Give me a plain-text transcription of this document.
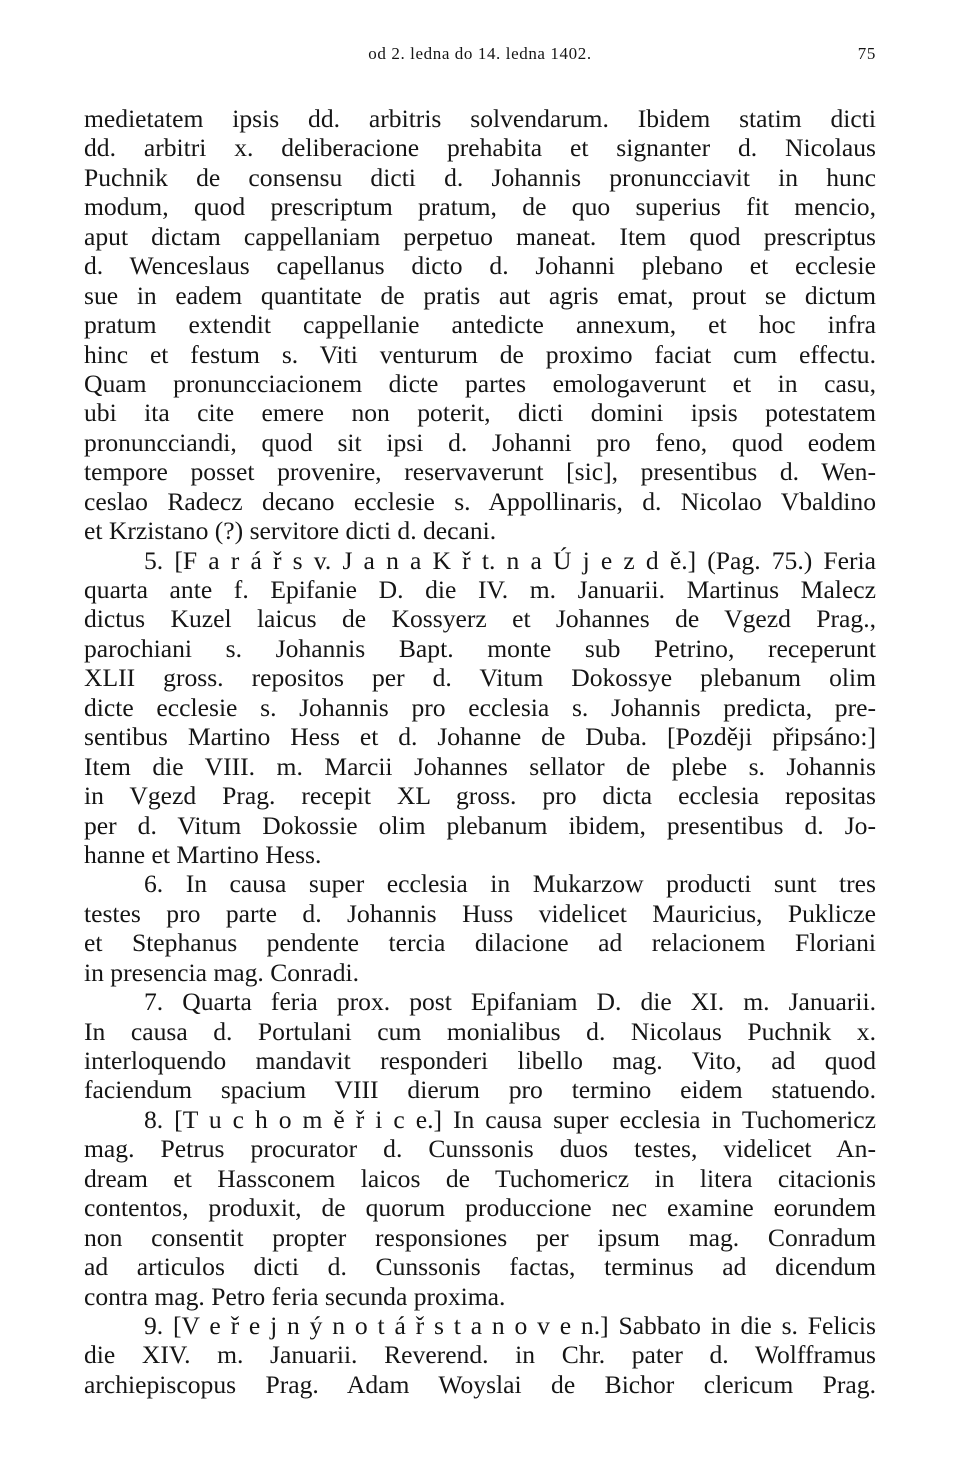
od 2. ledna do 14. ledna 1402.	75
medietatem ipsis dd. arbitris solvendarum. Ibidem statim dicti
dd. arbitri x. deliberacione prehabita et signanter d. Nicolaus
Puchnik de consensu dicti d. Johannis pronuncciavit in hunc
modum, quod prescriptum pratum, de quo superius fit mencio,
aput dictam cappellaniam perpetuo maneat. Item quod prescriptus
d. Wenceslaus capellanus dicto d. Johanni plebano et ecclesie
sue in eadem quantitate de pratis aut agris emat, prout se dictum
pratum extendit cappellanie antedicte annexum, et hoc infra
hinc et festum s. Viti venturum de proximo faciat cum effectu.
Quam pronuncciacionem dicte partes emologaverunt et in casu,
ubi ita cite emere non poterit, dicti domini ipsis potestatem
pronuncciandi, quod sit ipsi d. Johanni pro feno, quod eodem
tempore posset provenire, reservaverunt [sic], presentibus d. Wen-
ceslao Radecz decano ecclesie s. Appollinaris, d. Nicolao Vbaldino
et Krzistano (?) servitore dicti d. decani.
5. [F a r á ř s v. J a n a K ř t. n a Ú j e z d ě.] (Pag. 75.) Feria
quarta ante f. Epifanie D. die IV. m. Januarii. Martinus Malecz
dictus Kuzel laicus de Kossyerz et Johannes de Vgezd Prag.,
parochiani s. Johannis Bapt. monte sub Petrino, receperunt
XLII gross. repositos per d. Vitum Dokossye plebanum olim
dicte ecclesie s. Johannis pro ecclesia s. Johannis predicta, pre-
sentibus Martino Hess et d. Johanne de Duba. [Později připsáno:]
Item die VIII. m. Marcii Johannes sellator de plebe s. Johannis
in Vgezd Prag. recepit XL gross. pro dicta ecclesia repositas
per d. Vitum Dokossie olim plebanum ibidem, presentibus d. Jo-
hanne et Martino Hess.
6. In causa super ecclesia in Mukarzow producti sunt tres
testes pro parte d. Johannis Huss videlicet Mauricius, Puklicze
et Stephanus pendente tercia dilacione ad relacionem Floriani
in presencia mag. Conradi.
7. Quarta feria prox. post Epifaniam D. die XI. m. Januarii.
In causa d. Portulani cum monialibus d. Nicolaus Puchnik x.
interloquendo mandavit responderi libello mag. Vito, ad quod
faciendum spacium VIII dierum pro termino eidem statuendo.
8. [T u c h o m ě ř i c e.] In causa super ecclesia in Tuchomericz
mag. Petrus procurator d. Cunssonis duos testes, videlicet An-
dream et Hassconem laicos de Tuchomericz in litera citacionis
contentos, produxit, de quorum produccione nec examine eorundem
non consentit propter responsiones per ipsum mag. Conradum
ad articulos dicti d. Cunssonis factas, terminus ad dicendum
contra mag. Petro feria secunda proxima.
9. [V e ř e j n ý n o t á ř s t a n o v e n.] Sabbato in die s. Felicis
die XIV. m. Januarii. Reverend. in Chr. pater d. Wolfframus
archiepiscopus Prag. Adam Woyslai de Bichor clericum Prag.
